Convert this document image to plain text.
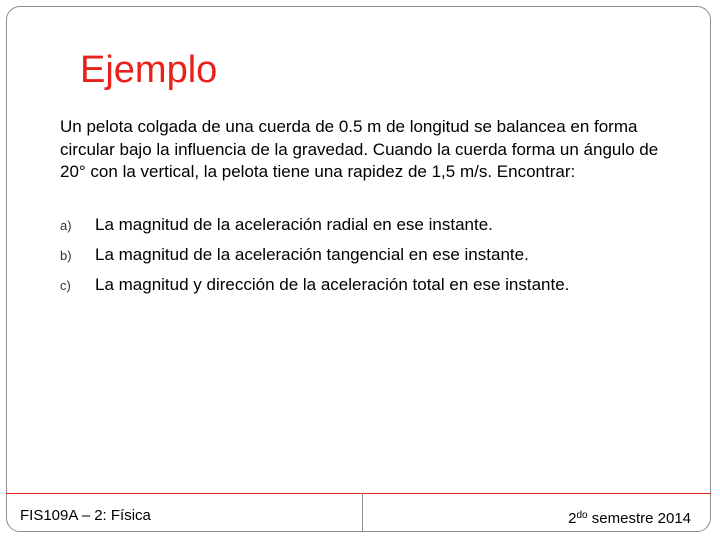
Ejemplo

Un pelota colgada de una cuerda de 0.5 m de longitud se balancea en forma circular bajo la influencia de la gravedad. Cuando la cuerda forma un ángulo de 20° con la vertical, la pelota tiene una rapidez de 1,5 m/s. Encontrar:

a) La magnitud de la aceleración radial en ese instante.
b) La magnitud de la aceleración tangencial en ese instante.
c) La magnitud y dirección de la aceleración total en ese instante.
FIS109A – 2: Física	$2^{do}$ semestre 2014
